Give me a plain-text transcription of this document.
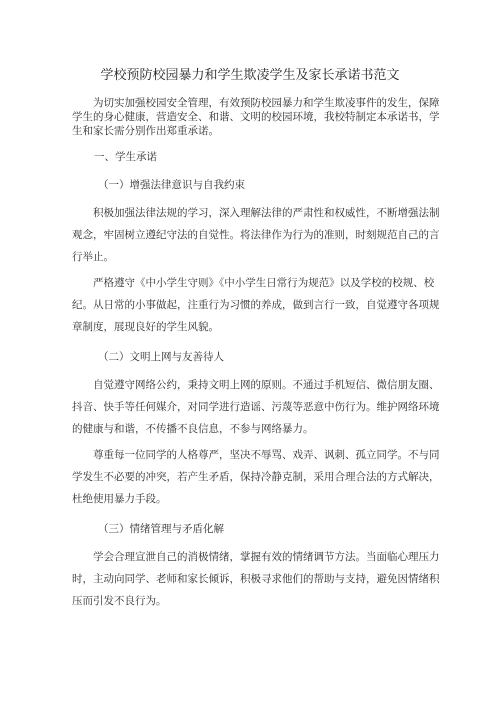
学校预防校园暴力和学生欺凌学生及家长承诺书范文

为切实加强校园安全管理，有效预防校园暴力和学生欺凌事件的发生，保障学生的身心健康，营造安全、和谐、文明的校园环境，我校特制定本承诺书，学生和家长需分别作出郑重承诺。

一、学生承诺

（一）增强法律意识与自我约束

积极加强法律法规的学习，深入理解法律的严肃性和权威性，不断增强法制观念，牢固树立遵纪守法的自觉性。将法律作为行为的准则，时刻规范自己的言行举止。

严格遵守《中小学生守则》《中小学生日常行为规范》以及学校的校规、校纪。从日常的小事做起，注重行为习惯的养成，做到言行一致，自觉遵守各项规章制度，展现良好的学生风貌。

（二）文明上网与友善待人

自觉遵守网络公约，秉持文明上网的原则。不通过手机短信、微信朋友圈、抖音、快手等任何媒介，对同学进行造谣、污蔑等恶意中伤行为。维护网络环境的健康与和谐，不传播不良信息，不参与网络暴力。

尊重每一位同学的人格尊严，坚决不辱骂、戏弄、讽刺、孤立同学。不与同学发生不必要的冲突，若产生矛盾，保持冷静克制，采用合理合法的方式解决，杜绝使用暴力手段。

（三）情绪管理与矛盾化解

学会合理宣泄自己的消极情绪，掌握有效的情绪调节方法。当面临心理压力时，主动向同学、老师和家长倾诉，积极寻求他们的帮助与支持，避免因情绪积压而引发不良行为。
